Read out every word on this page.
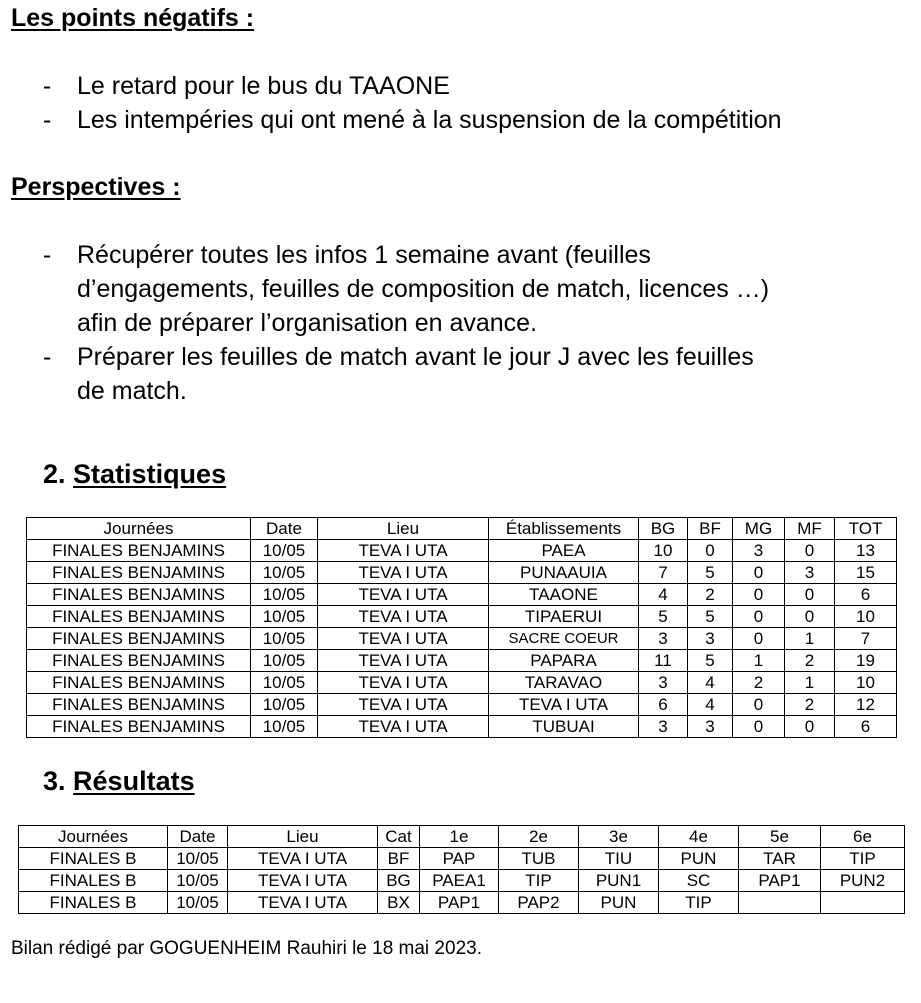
Les points négatifs :

- Le retard pour le bus du TAAONE
- Les intempéries qui ont mené à la suspension de la compétition

Perspectives :

- Récupérer toutes les infos 1 semaine avant (feuilles
d’engagements, feuilles de composition de match, licences …)
afin de préparer l’organisation en avance.
- Préparer les feuilles de match avant le jour J avec les feuilles
de match.

2. Statistiques

Journées	Date	Lieu	Établissements	BG	BF	MG	MF	TOT
FINALES BENJAMINS	10/05	TEVA I UTA	PAEA	10	0	3	0	13
FINALES BENJAMINS	10/05	TEVA I UTA	PUNAAUIA	7	5	0	3	15
FINALES BENJAMINS	10/05	TEVA I UTA	TAAONE	4	2	0	0	6
FINALES BENJAMINS	10/05	TEVA I UTA	TIPAERUI	5	5	0	0	10
FINALES BENJAMINS	10/05	TEVA I UTA	SACRE COEUR	3	3	0	1	7
FINALES BENJAMINS	10/05	TEVA I UTA	PAPARA	11	5	1	2	19
FINALES BENJAMINS	10/05	TEVA I UTA	TARAVAO	3	4	2	1	10
FINALES BENJAMINS	10/05	TEVA I UTA	TEVA I UTA	6	4	0	2	12
FINALES BENJAMINS	10/05	TEVA I UTA	TUBUAI	3	3	0	0	6

3. Résultats

Journées	Date	Lieu	Cat	1e	2e	3e	4e	5e	6e
FINALES B	10/05	TEVA I UTA	BF	PAP	TUB	TIU	PUN	TAR	TIP
FINALES B	10/05	TEVA I UTA	BG	PAEA1	TIP	PUN1	SC	PAP1	PUN2
FINALES B	10/05	TEVA I UTA	BX	PAP1	PAP2	PUN	TIP		

Bilan rédigé par GOGUENHEIM Rauhiri le 18 mai 2023.
